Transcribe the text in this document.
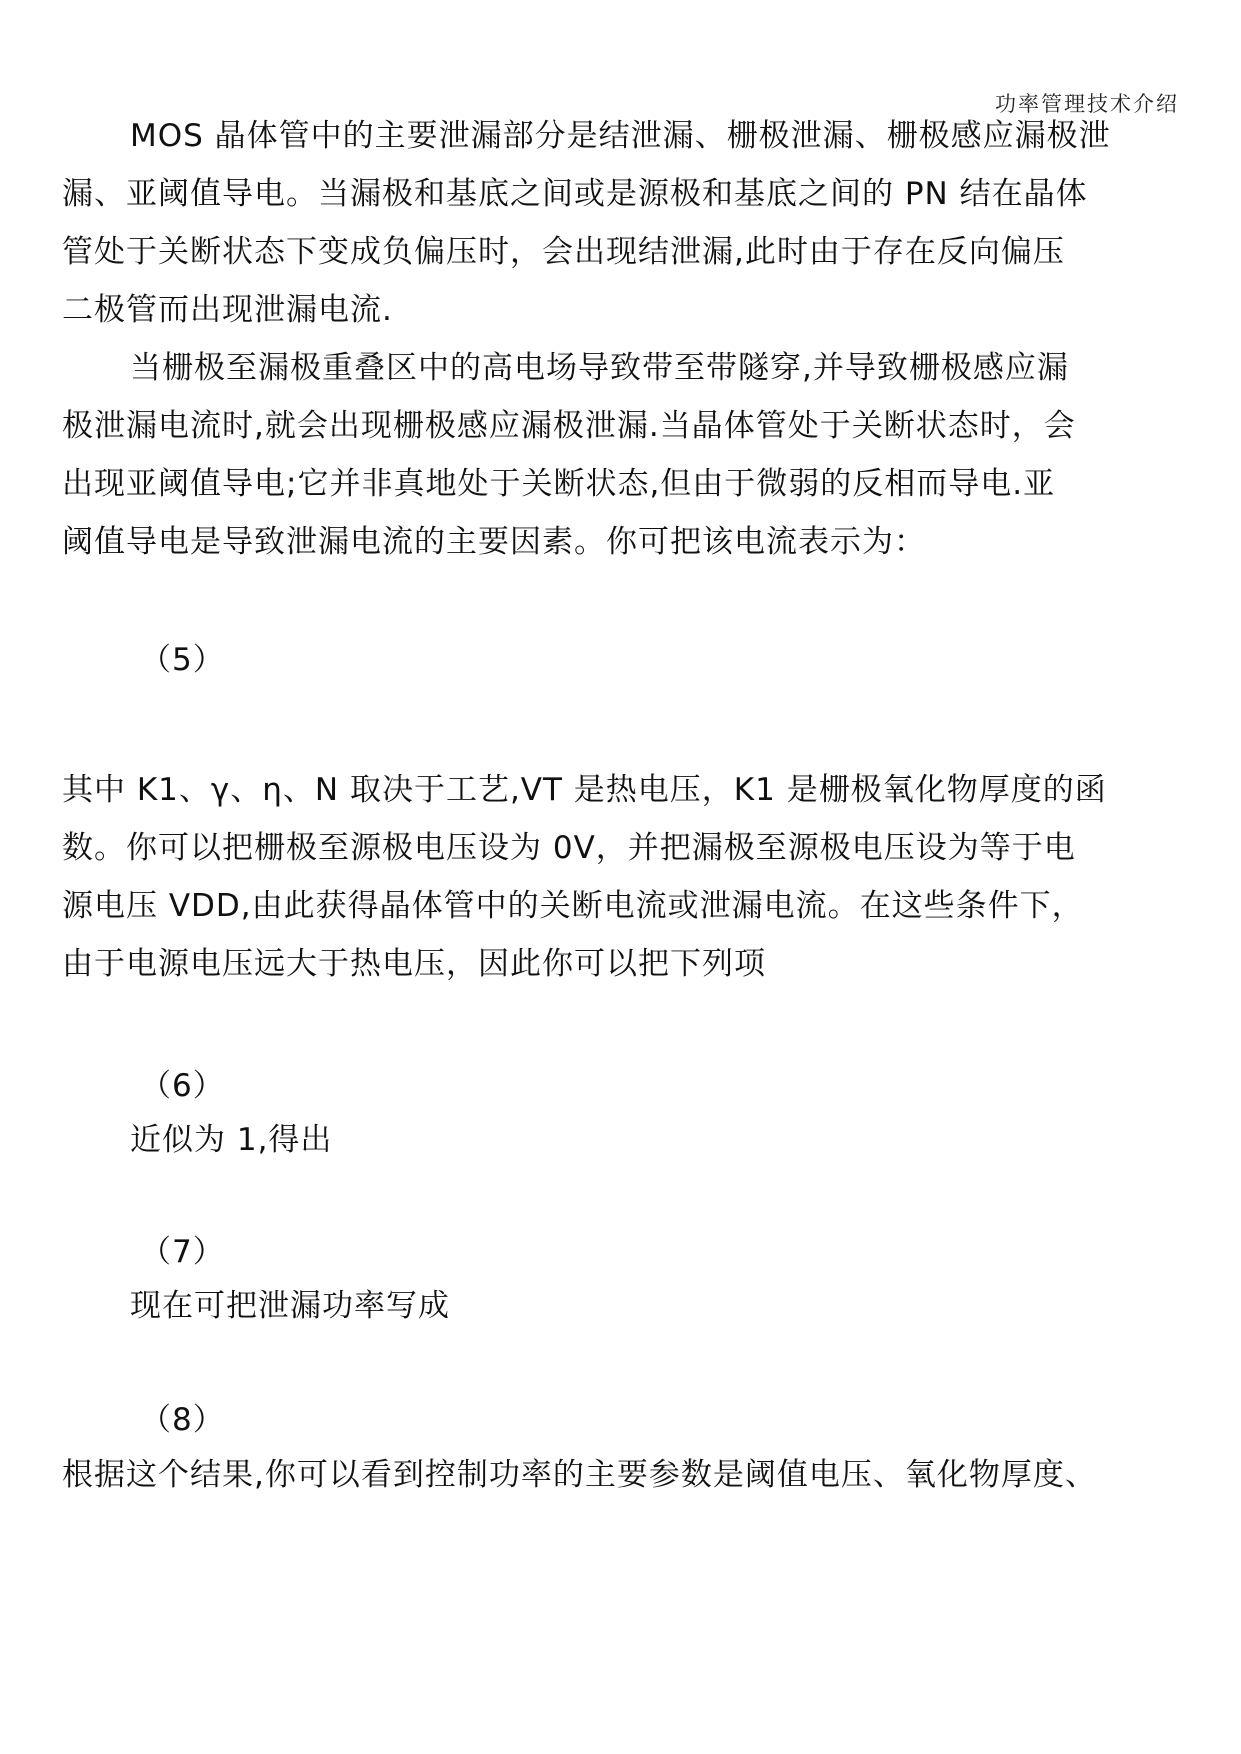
功率管理技术介绍
MOS 晶体管中的主要泄漏部分是结泄漏、栅极泄漏、栅极感应漏极泄
漏、亚阈值导电。当漏极和基底之间或是源极和基底之间的 PN 结在晶体
管处于关断状态下变成负偏压时，会出现结泄漏,此时由于存在反向偏压
二极管而出现泄漏电流.
当栅极至漏极重叠区中的高电场导致带至带隧穿,并导致栅极感应漏
极泄漏电流时,就会出现栅极感应漏极泄漏.当晶体管处于关断状态时，会
出现亚阈值导电;它并非真地处于关断状态,但由于微弱的反相而导电.亚
阈值导电是导致泄漏电流的主要因素。你可把该电流表示为：
（5）
其中 K1、γ、η、N 取决于工艺,VT 是热电压，K1 是栅极氧化物厚度的函
数。你可以把栅极至源极电压设为 0V，并把漏极至源极电压设为等于电
源电压 VDD,由此获得晶体管中的关断电流或泄漏电流。在这些条件下，
由于电源电压远大于热电压，因此你可以把下列项
（6）
近似为 1,得出
（7）
现在可把泄漏功率写成
（8）
根据这个结果,你可以看到控制功率的主要参数是阈值电压、氧化物厚度、
